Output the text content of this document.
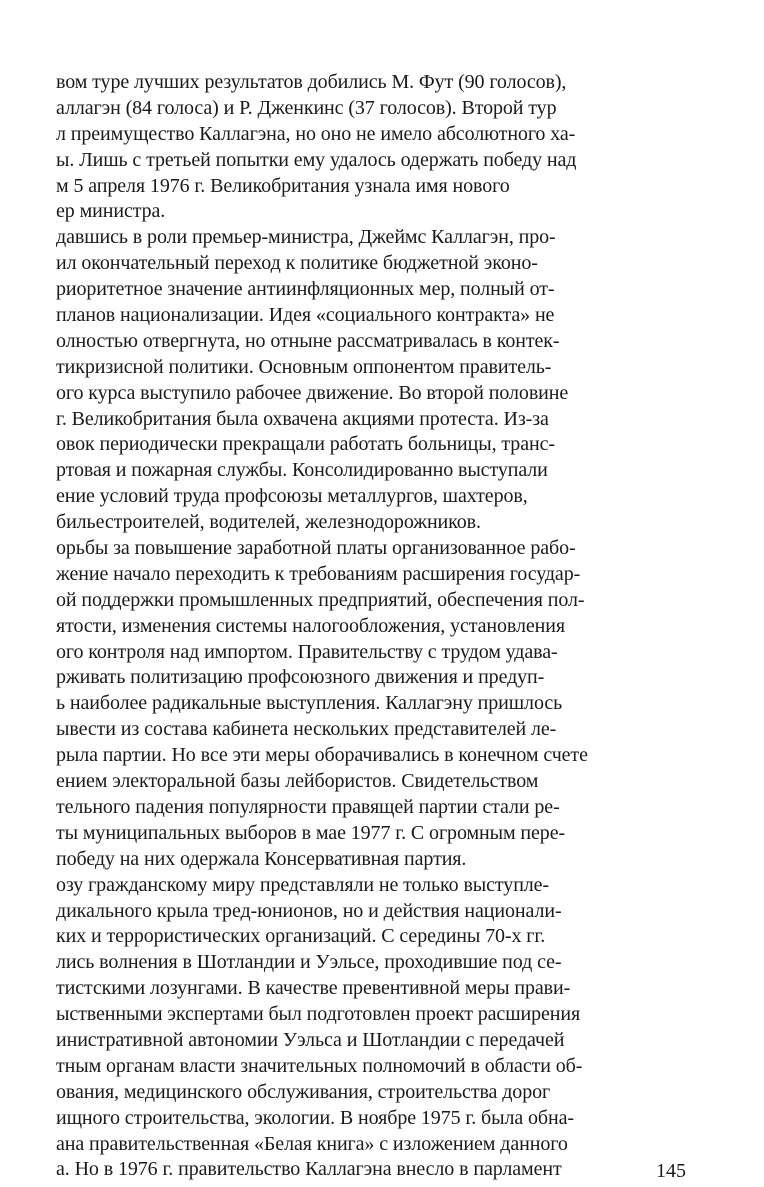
вом туре лучших результатов добились М. Фут (90 голосов),
аллагэн (84 голоса) и Р. Дженкинс (37 голосов). Второй тур
л преимущество Каллагэна, но оно не имело абсолютного ха-
ы. Лишь с третьей попытки ему удалось одержать победу над
м 5 апреля 1976 г. Великобритания узнала имя нового
ер министра.
давшись в роли премьер-министра, Джеймс Каллагэн, про-
ил окончательный переход к политике бюджетной эконо-
риоритетное значение антиинфляционных мер, полный от-
планов национализации. Идея «социального контракта» не
олностью отвергнута, но отныне рассматривалась в контек-
тикризисной политики. Основным оппонентом правитель-
ого курса выступило рабочее движение. Во второй половине
г. Великобритания была охвачена акциями протеста. Из-за
овок периодически прекращали работать больницы, транс-
ртовая и пожарная службы. Консолидированно выступали
ение условий труда профсоюзы металлургов, шахтеров,
бильестроителей, водителей, железнодорожников.
орьбы за повышение заработной платы организованное рабо-
жение начало переходить к требованиям расширения государ-
ой поддержки промышленных предприятий, обеспечения пол-
ятости, изменения системы налогообложения, установления
ого контроля над импортом. Правительству с трудом удава-
рживать политизацию профсоюзного движения и предуп-
ь наиболее радикальные выступления. Каллагэну пришлось
ывести из состава кабинета нескольких представителей ле-
рыла партии. Но все эти меры оборачивались в конечном счете
ением электоральной базы лейбористов. Свидетельством
тельного падения популярности правящей партии стали ре-
ты муниципальных выборов в мае 1977 г. С огромным пере-
победу на них одержала Консервативная партия.
озу гражданскому миру представляли не только выступле-
дикального крыла тред-юнионов, но и действия национали-
ких и террористических организаций. С середины 70-х гг.
лись волнения в Шотландии и Уэльсе, проходившие под се-
тистскими лозунгами. В качестве превентивной меры прави-
ыственными экспертами был подготовлен проект расширения
инистративной автономии Уэльса и Шотландии с передачей
тным органам власти значительных полномочий в области об-
ования, медицинского обслуживания, строительства дорог
ищного строительства, экологии. В ноябре 1975 г. была обна-
ана правительственная «Белая книга» с изложением данного
а. Но в 1976 г. правительство Каллагэна внесло в парламент	145
